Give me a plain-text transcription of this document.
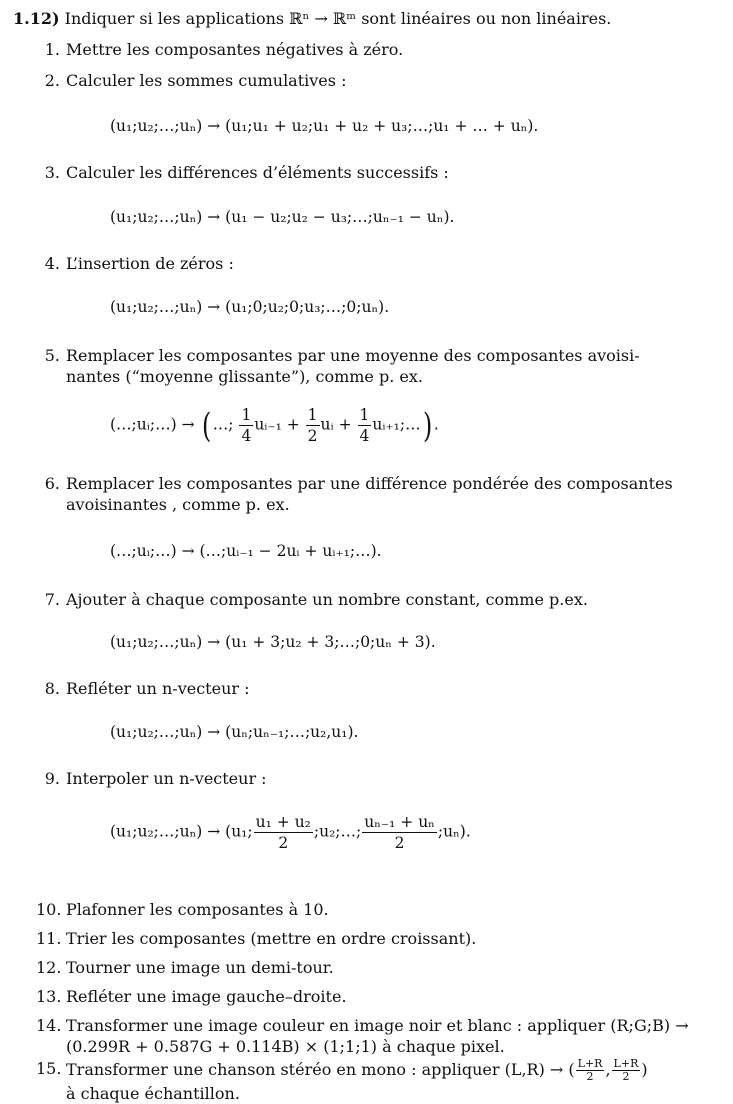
1.12) Indiquer si les applications ℝⁿ → ℝᵐ sont linéaires ou non linéaires.
1. Mettre les composantes négatives à zéro.
2. Calculer les sommes cumulatives :
(u₁;u₂;…;uₙ) → (u₁;u₁ + u₂;u₁ + u₂ + u₃;…;u₁ + … + uₙ).
3. Calculer les différences d’éléments successifs :
(u₁;u₂;…;uₙ) → (u₁ − u₂;u₂ − u₃;…;uₙ₋₁ − uₙ).
4. L’insertion de zéros :
(u₁;u₂;…;uₙ) → (u₁;0;u₂;0;u₃;…;0;uₙ).
5. Remplacer les composantes par une moyenne des composantes avoisi-
nantes (“moyenne glissante”), comme p. ex.
(…;uᵢ;…) → ( …; $\frac{1}{4}$ uᵢ₋₁ + $\frac{1}{2}$ uᵢ + $\frac{1}{4}$ uᵢ₊₁;…) .
6. Remplacer les composantes par une différence pondérée des composantes
avoisinantes , comme p. ex.
(…;uᵢ;…) → (…;uᵢ₋₁ − 2uᵢ + uᵢ₊₁;…).
7. Ajouter à chaque composante un nombre constant, comme p.ex.
(u₁;u₂;…;uₙ) → (u₁ + 3;u₂ + 3;…;0;uₙ + 3).
8. Refléter un n-vecteur :
(u₁;u₂;…;uₙ) → (uₙ;uₙ₋₁;…;u₂,u₁).
9. Interpoler un n-vecteur :
(u₁;u₂;…;uₙ) → (u₁; $\frac{\text{u₁ + u₂}}{2}$ ;u₂;…; $\frac{\text{uₙ₋₁ + uₙ}}{2}$ ;uₙ).
10. Plafonner les composantes à 10.
11. Trier les composantes (mettre en ordre croissant).
12. Tourner une image un demi-tour.
13. Refléter une image gauche–droite.
14. Transformer une image couleur en image noir et blanc : appliquer (R;G;B) →
(0.299R + 0.587G + 0.114B) × (1;1;1) à chaque pixel.
15. Transformer une chanson stéréo en mono : appliquer (L,R) → ( $\frac{L+R}{2}$ , $\frac{L+R}{2}$ )
à chaque échantillon.
